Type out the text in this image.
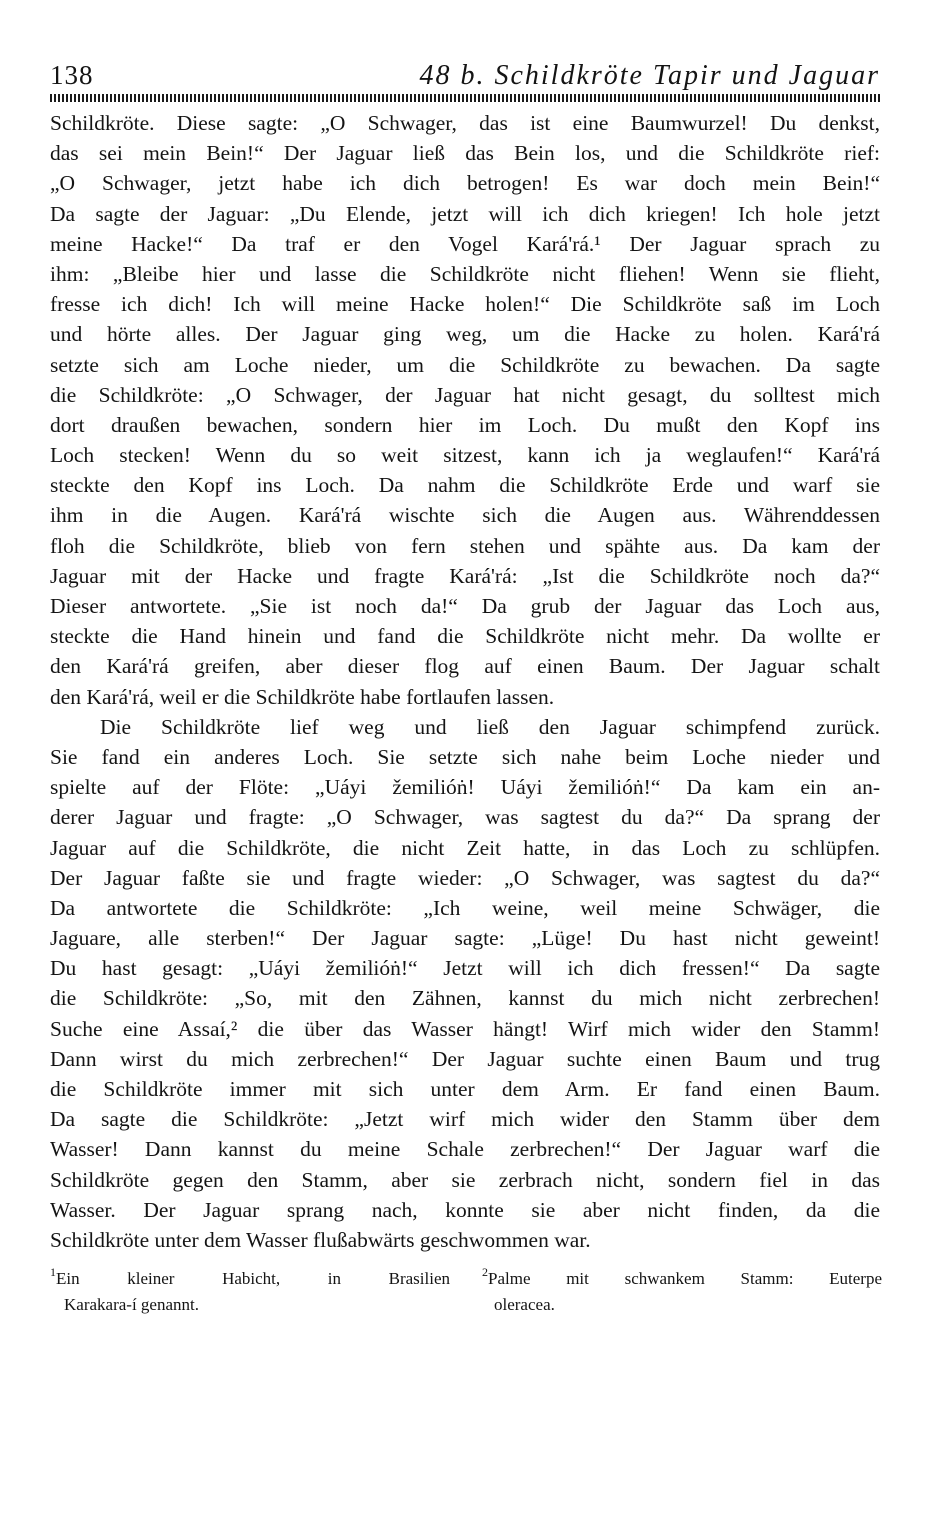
138	48 b. Schildkröte Tapir und Jaguar
Schildkröte. Diese sagte: „O Schwager, das ist eine Baumwurzel! Du denkst,
das sei mein Bein!“ Der Jaguar ließ das Bein los, und die Schildkröte rief:
„O Schwager, jetzt habe ich dich betrogen! Es war doch mein Bein!“
Da sagte der Jaguar: „Du Elende, jetzt will ich dich kriegen! Ich hole jetzt
meine Hacke!“ Da traf er den Vogel Kará'rá.¹ Der Jaguar sprach zu
ihm: „Bleibe hier und lasse die Schildkröte nicht fliehen! Wenn sie flieht,
fresse ich dich! Ich will meine Hacke holen!“ Die Schildkröte saß im Loch
und hörte alles. Der Jaguar ging weg, um die Hacke zu holen. Kará'rá
setzte sich am Loche nieder, um die Schildkröte zu bewachen. Da sagte
die Schildkröte: „O Schwager, der Jaguar hat nicht gesagt, du solltest mich
dort draußen bewachen, sondern hier im Loch. Du mußt den Kopf ins
Loch stecken! Wenn du so weit sitzest, kann ich ja weglaufen!“ Kará'rá
steckte den Kopf ins Loch. Da nahm die Schildkröte Erde und warf sie
ihm in die Augen. Kará'rá wischte sich die Augen aus. Währenddessen
floh die Schildkröte, blieb von fern stehen und spähte aus. Da kam der
Jaguar mit der Hacke und fragte Kará'rá: „Ist die Schildkröte noch da?“
Dieser antwortete. „Sie ist noch da!“ Da grub der Jaguar das Loch aus,
steckte die Hand hinein und fand die Schildkröte nicht mehr. Da wollte er
den Kará'rá greifen, aber dieser flog auf einen Baum. Der Jaguar schalt
den Kará'rá, weil er die Schildkröte habe fortlaufen lassen.
Die Schildkröte lief weg und ließ den Jaguar schimpfend zurück.
Sie fand ein anderes Loch. Sie setzte sich nahe beim Loche nieder und
spielte auf der Flöte: „Uáyi žemilióṅ! Uáyi žemilióṅ!“ Da kam ein an-
derer Jaguar und fragte: „O Schwager, was sagtest du da?“ Da sprang der
Jaguar auf die Schildkröte, die nicht Zeit hatte, in das Loch zu schlüpfen.
Der Jaguar faßte sie und fragte wieder: „O Schwager, was sagtest du da?“
Da antwortete die Schildkröte: „Ich weine, weil meine Schwäger, die
Jaguare, alle sterben!“ Der Jaguar sagte: „Lüge! Du hast nicht geweint!
Du hast gesagt: „Uáyi žemilióṅ!“ Jetzt will ich dich fressen!“ Da sagte
die Schildkröte: „So, mit den Zähnen, kannst du mich nicht zerbrechen!
Suche eine Assaí,² die über das Wasser hängt! Wirf mich wider den Stamm!
Dann wirst du mich zerbrechen!“ Der Jaguar suchte einen Baum und trug
die Schildkröte immer mit sich unter dem Arm. Er fand einen Baum.
Da sagte die Schildkröte: „Jetzt wirf mich wider den Stamm über dem
Wasser! Dann kannst du meine Schale zerbrechen!“ Der Jaguar warf die
Schildkröte gegen den Stamm, aber sie zerbrach nicht, sondern fiel in das
Wasser. Der Jaguar sprang nach, konnte sie aber nicht finden, da die
Schildkröte unter dem Wasser flußabwärts geschwommen war.
$^1$Ein kleiner Habicht, in Brasilien
Karakara-í genannt.
$^2$Palme mit schwankem Stamm: Euterpe
oleracea.
